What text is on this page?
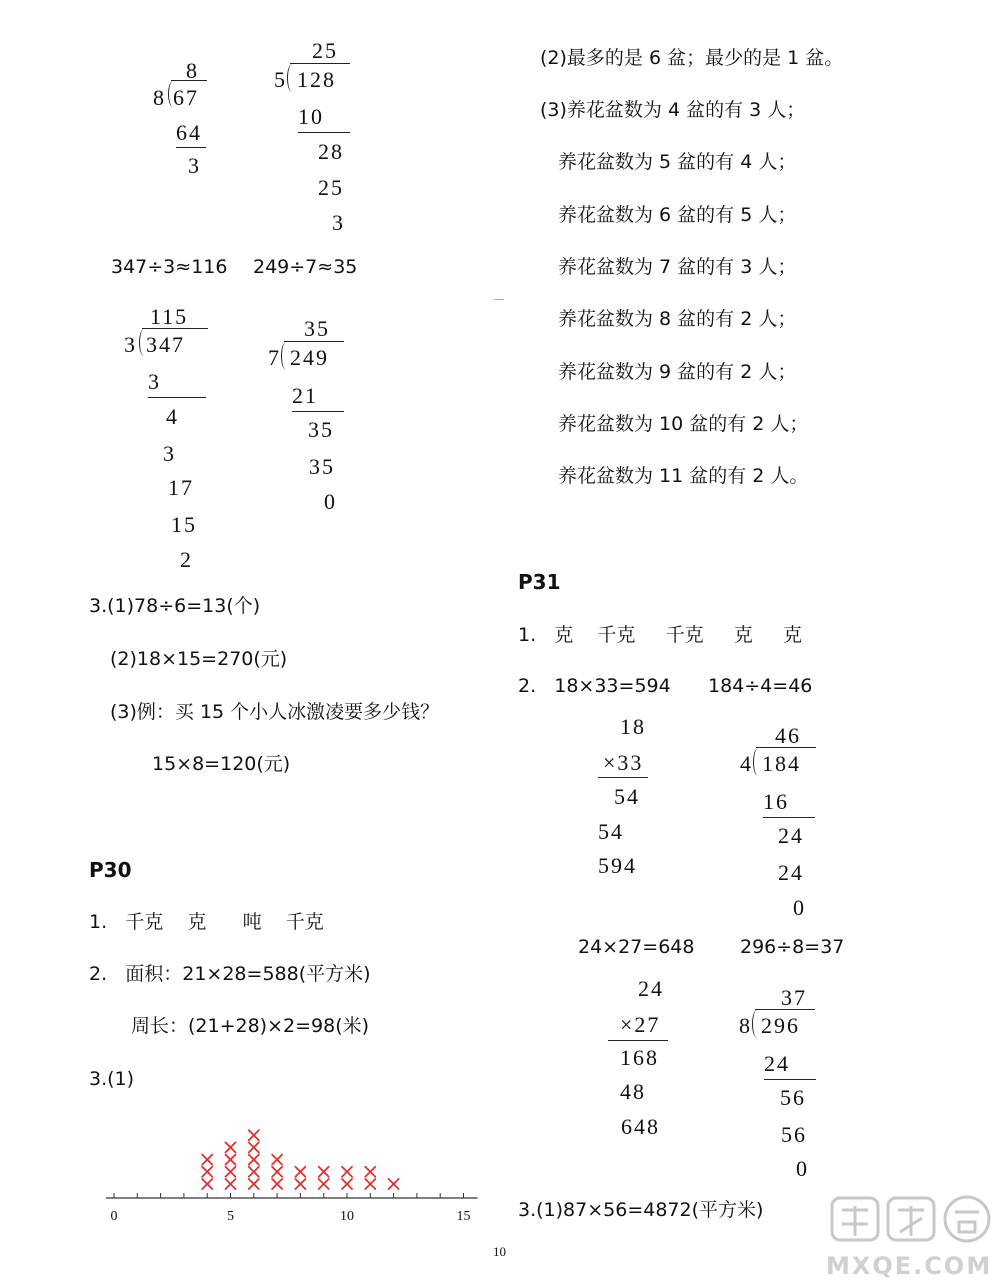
8
8 67
64
3
25
5 128
10
28
25
3
347÷3≈116 249÷7≈35
115
3 347
3
4
3
17
15
2
35
7 249
21
35
35
0
3.(1)78÷6=13(个)
(2)18×15=270(元)
(3)例：买 15 个小人冰激凌要多少钱？
15×8=120(元)
P30
1.   千克    克      吨    千克
2.   面积：21×28=588(平方米)
周长：(21+28)×2=98(米)
3.(1)
0	5	10	15
(2)最多的是 6 盆；最少的是 1 盆。
(3)养花盆数为 4 盆的有 3 人；
养花盆数为 5 盆的有 4 人；
养花盆数为 6 盆的有 5 人；
养花盆数为 7 盆的有 3 人；
养花盆数为 8 盆的有 2 人；
养花盆数为 9 盆的有 2 人；
养花盆数为 10 盆的有 2 人；
养花盆数为 11 盆的有 2 人。
P31
1.   克    千克     千克     克     克
2.   18×33=594 184÷4=46
18
×33
54
54
594
46
4 184
16
24
24
0
24×27=648 296÷8=37
24
×27
168
48
648
37
8 296
24
56
56
0
3.(1)87×56=4872(平方米)
10
MXQE.COM
